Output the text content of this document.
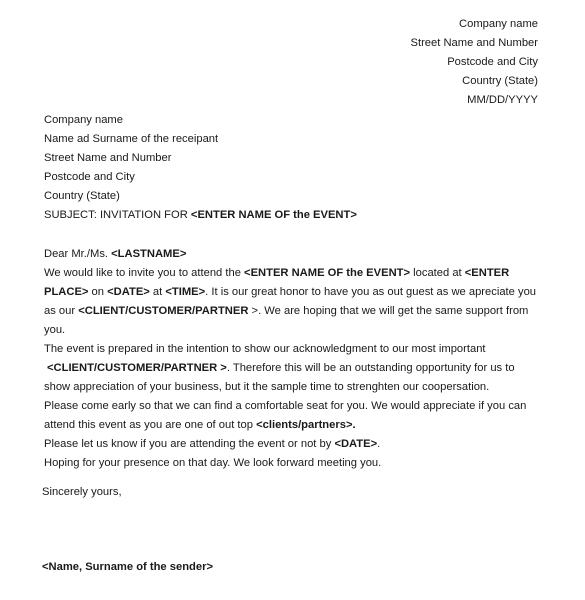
Company name
Street Name and Number
Postcode and City
Country (State)
MM/DD/YYYY
Company name
Name ad Surname of the receipant
Street Name and Number
Postcode and City
Country (State)
SUBJECT: INVITATION FOR <ENTER NAME OF the EVENT>
Dear Mr./Ms. <LASTNAME>
We would like to invite you to attend the <ENTER NAME OF the EVENT> located at <ENTER
PLACE> on <DATE> at <TIME>. It is our great honor to have you as out guest as we apreciate you
as our <CLIENT/CUSTOMER/PARTNER >. We are hoping that we will get the same support from
you.
The event is prepared in the intention to show our acknowledgment to our most important
<CLIENT/CUSTOMER/PARTNER >. Therefore this will be an outstanding opportunity for us to
show appreciation of your business, but it the sample time to strenghten our coopersation.
Please come early so that we can find a comfortable seat for you. We would appreciate if you can
attend this event as you are one of out top <clients/partners>.
Please let us know if you are attending the event or not by <DATE>.
Hoping for your presence on that day. We look forward meeting you.
Sincerely yours,
<Name, Surname of the sender>
